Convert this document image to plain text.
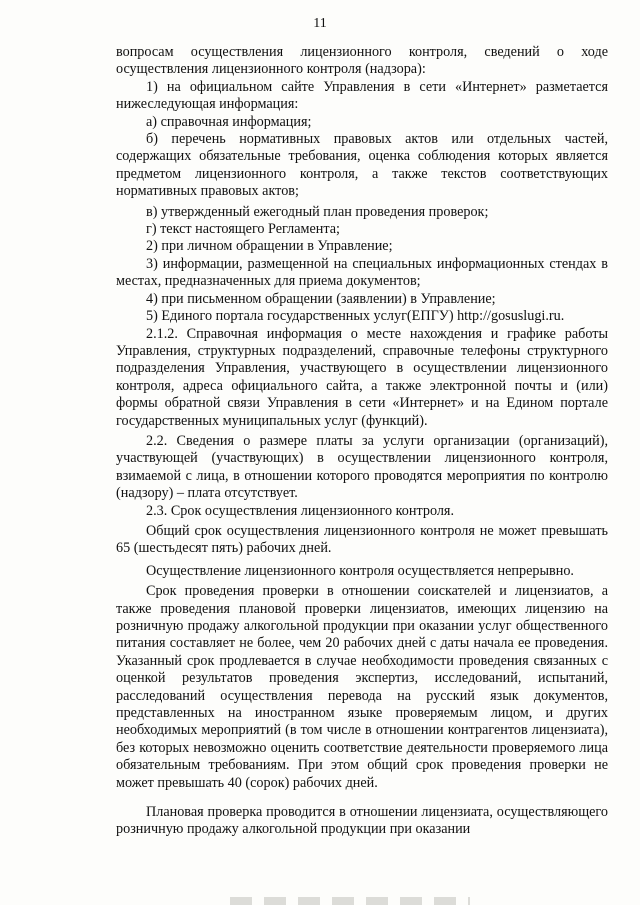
11

вопросам осуществления лицензионного контроля, сведений о ходе осуществления лицензионного контроля (надзора):

1) на официальном сайте Управления в сети «Интернет» разметается нижеследующая информация:

а) справочная информация;

б) перечень нормативных правовых актов или отдельных частей, содержащих обязательные требования, оценка соблюдения которых является предметом лицензионного контроля, а также текстов соответствующих нормативных правовых актов;

в) утвержденный ежегодный план проведения проверок;

г) текст настоящего Регламента;

2) при личном обращении в Управление;

3) информации, размещенной на специальных информационных стендах в местах, предназначенных для приема документов;

4) при письменном обращении (заявлении) в Управление;

5) Единого портала государственных услуг(ЕПГУ) http://gosuslugi.ru.

2.1.2. Справочная информация о месте нахождения и графике работы Управления, структурных подразделений, справочные телефоны структурного подразделения Управления, участвующего в осуществлении лицензионного контроля, адреса официального сайта, а также электронной почты и (или) формы обратной связи Управления в сети «Интернет» и на Едином портале государственных муниципальных услуг (функций).

2.2. Сведения о размере платы за услуги организации (организаций), участвующей (участвующих) в осуществлении лицензионного контроля, взимаемой с лица, в отношении которого проводятся мероприятия по контролю (надзору) – плата отсутствует.

2.3. Срок осуществления лицензионного контроля.

Общий срок осуществления лицензионного контроля не может превышать 65 (шестьдесят пять) рабочих дней.

Осуществление лицензионного контроля осуществляется непрерывно.

Срок проведения проверки в отношении соискателей и лицензиатов, а также проведения плановой проверки лицензиатов, имеющих лицензию на розничную продажу алкогольной продукции при оказании услуг общественного питания составляет не более, чем 20 рабочих дней с даты начала ее проведения. Указанный срок продлевается в случае необходимости проведения связанных с оценкой результатов проведения экспертиз, исследований, испытаний, расследований осуществления перевода на русский язык документов, представленных на иностранном языке проверяемым лицом, и других необходимых мероприятий (в том числе в отношении контрагентов лицензиата), без которых невозможно оценить соответствие деятельности проверяемого лица обязательным требованиям. При этом общий срок проведения проверки не может превышать 40 (сорок) рабочих дней.

Плановая проверка проводится в отношении лицензиата, осуществляющего розничную продажу алкогольной продукции при оказании
